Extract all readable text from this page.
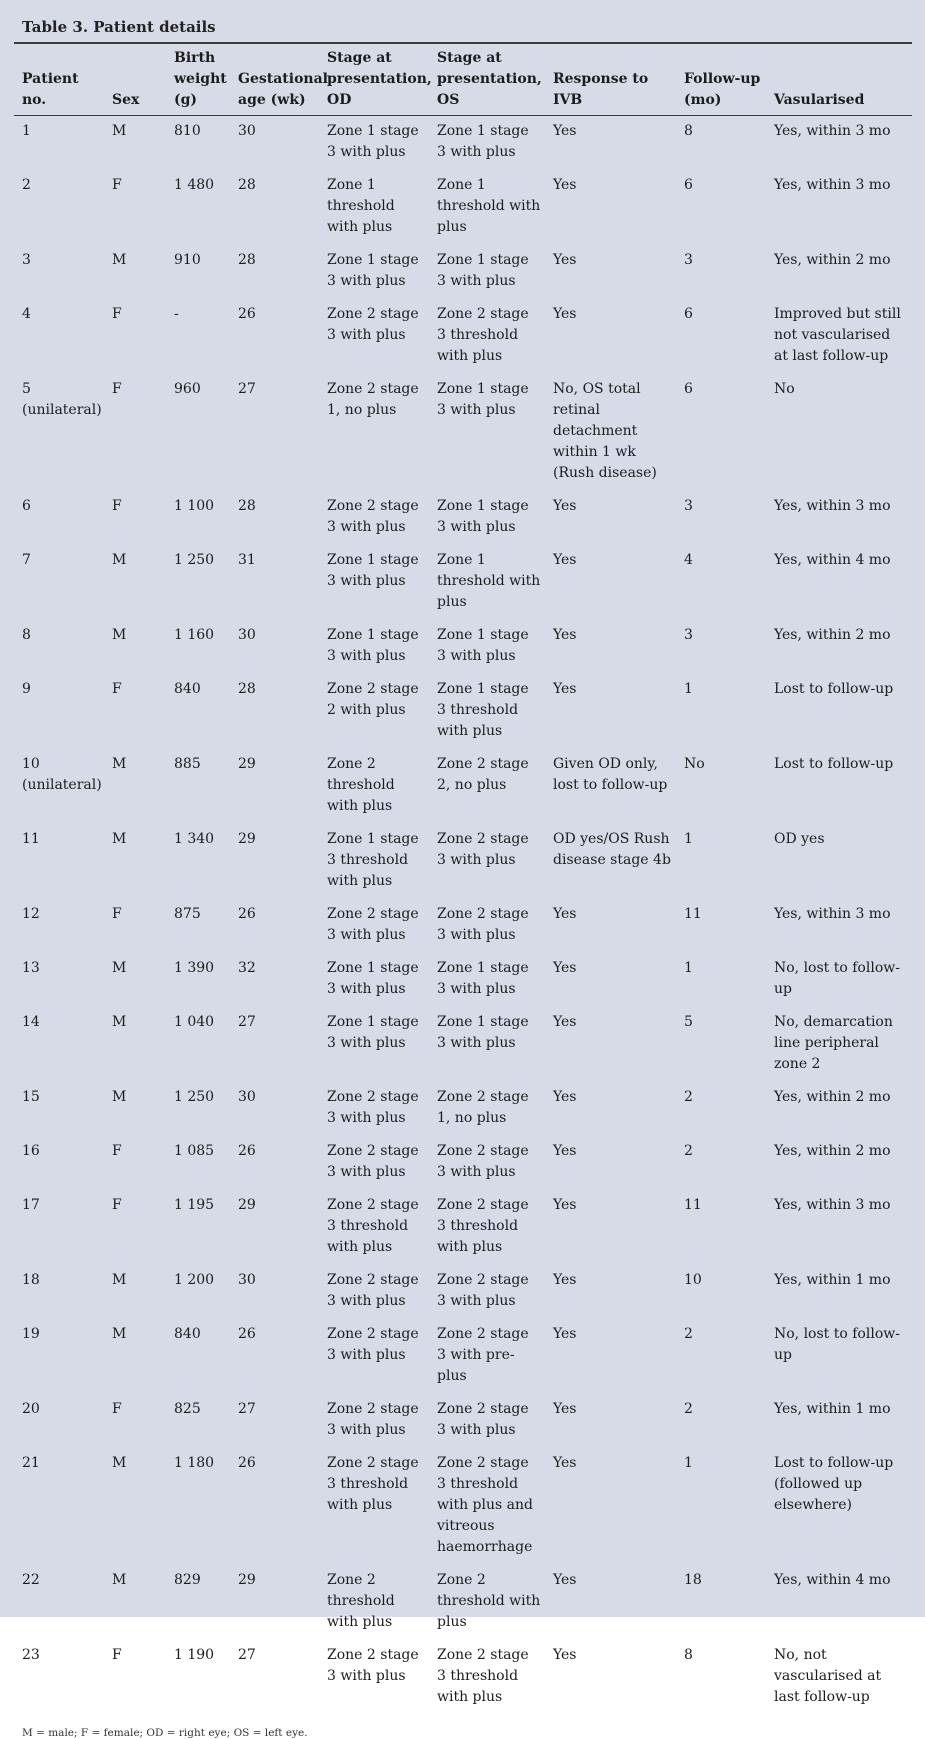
Table 3. Patient details
Patient no.	Sex	Birth weight (g)	Gestational age (wk)	Stage at presentation, OD	Stage at presentation, OS	Response to IVB	Follow-up (mo)	Vasularised
1	M	810	30	Zone 1 stage 3 with plus	Zone 1 stage 3 with plus	Yes	8	Yes, within 3 mo
2	F	1 480	28	Zone 1 threshold with plus	Zone 1 threshold with plus	Yes	6	Yes, within 3 mo
3	M	910	28	Zone 1 stage 3 with plus	Zone 1 stage 3 with plus	Yes	3	Yes, within 2 mo
4	F	-	26	Zone 2 stage 3 with plus	Zone 2 stage 3 threshold with plus	Yes	6	Improved but still not vascularised at last follow-up
5 (unilateral)	F	960	27	Zone 2 stage 1, no plus	Zone 1 stage 3 with plus	No, OS total retinal detachment within 1 wk (Rush disease)	6	No
6	F	1 100	28	Zone 2 stage 3 with plus	Zone 1 stage 3 with plus	Yes	3	Yes, within 3 mo
7	M	1 250	31	Zone 1 stage 3 with plus	Zone 1 threshold with plus	Yes	4	Yes, within 4 mo
8	M	1 160	30	Zone 1 stage 3 with plus	Zone 1 stage 3 with plus	Yes	3	Yes, within 2 mo
9	F	840	28	Zone 2 stage 2 with plus	Zone 1 stage 3 threshold with plus	Yes	1	Lost to follow-up
10 (unilateral)	M	885	29	Zone 2 threshold with plus	Zone 2 stage 2, no plus	Given OD only, lost to follow-up	No	Lost to follow-up
11	M	1 340	29	Zone 1 stage 3 threshold with plus	Zone 2 stage 3 with plus	OD yes/OS Rush disease stage 4b	1	OD yes
12	F	875	26	Zone 2 stage 3 with plus	Zone 2 stage 3 with plus	Yes	11	Yes, within 3 mo
13	M	1 390	32	Zone 1 stage 3 with plus	Zone 1 stage 3 with plus	Yes	1	No, lost to follow-up
14	M	1 040	27	Zone 1 stage 3 with plus	Zone 1 stage 3 with plus	Yes	5	No, demarcation line peripheral zone 2
15	M	1 250	30	Zone 2 stage 3 with plus	Zone 2 stage 1, no plus	Yes	2	Yes, within 2 mo
16	F	1 085	26	Zone 2 stage 3 with plus	Zone 2 stage 3 with plus	Yes	2	Yes, within 2 mo
17	F	1 195	29	Zone 2 stage 3 threshold with plus	Zone 2 stage 3 threshold with plus	Yes	11	Yes, within 3 mo
18	M	1 200	30	Zone 2 stage 3 with plus	Zone 2 stage 3 with plus	Yes	10	Yes, within 1 mo
19	M	840	26	Zone 2 stage 3 with plus	Zone 2 stage 3 with pre-plus	Yes	2	No, lost to follow-up
20	F	825	27	Zone 2 stage 3 with plus	Zone 2 stage 3 with plus	Yes	2	Yes, within 1 mo
21	M	1 180	26	Zone 2 stage 3 threshold with plus	Zone 2 stage 3 threshold with plus and vitreous haemorrhage	Yes	1	Lost to follow-up (followed up elsewhere)
22	M	829	29	Zone 2 threshold with plus	Zone 2 threshold with plus	Yes	18	Yes, within 4 mo
23	F	1 190	27	Zone 2 stage 3 with plus	Zone 2 stage 3 threshold with plus	Yes	8	No, not vascularised at last follow-up
M = male; F = female; OD = right eye; OS = left eye.
